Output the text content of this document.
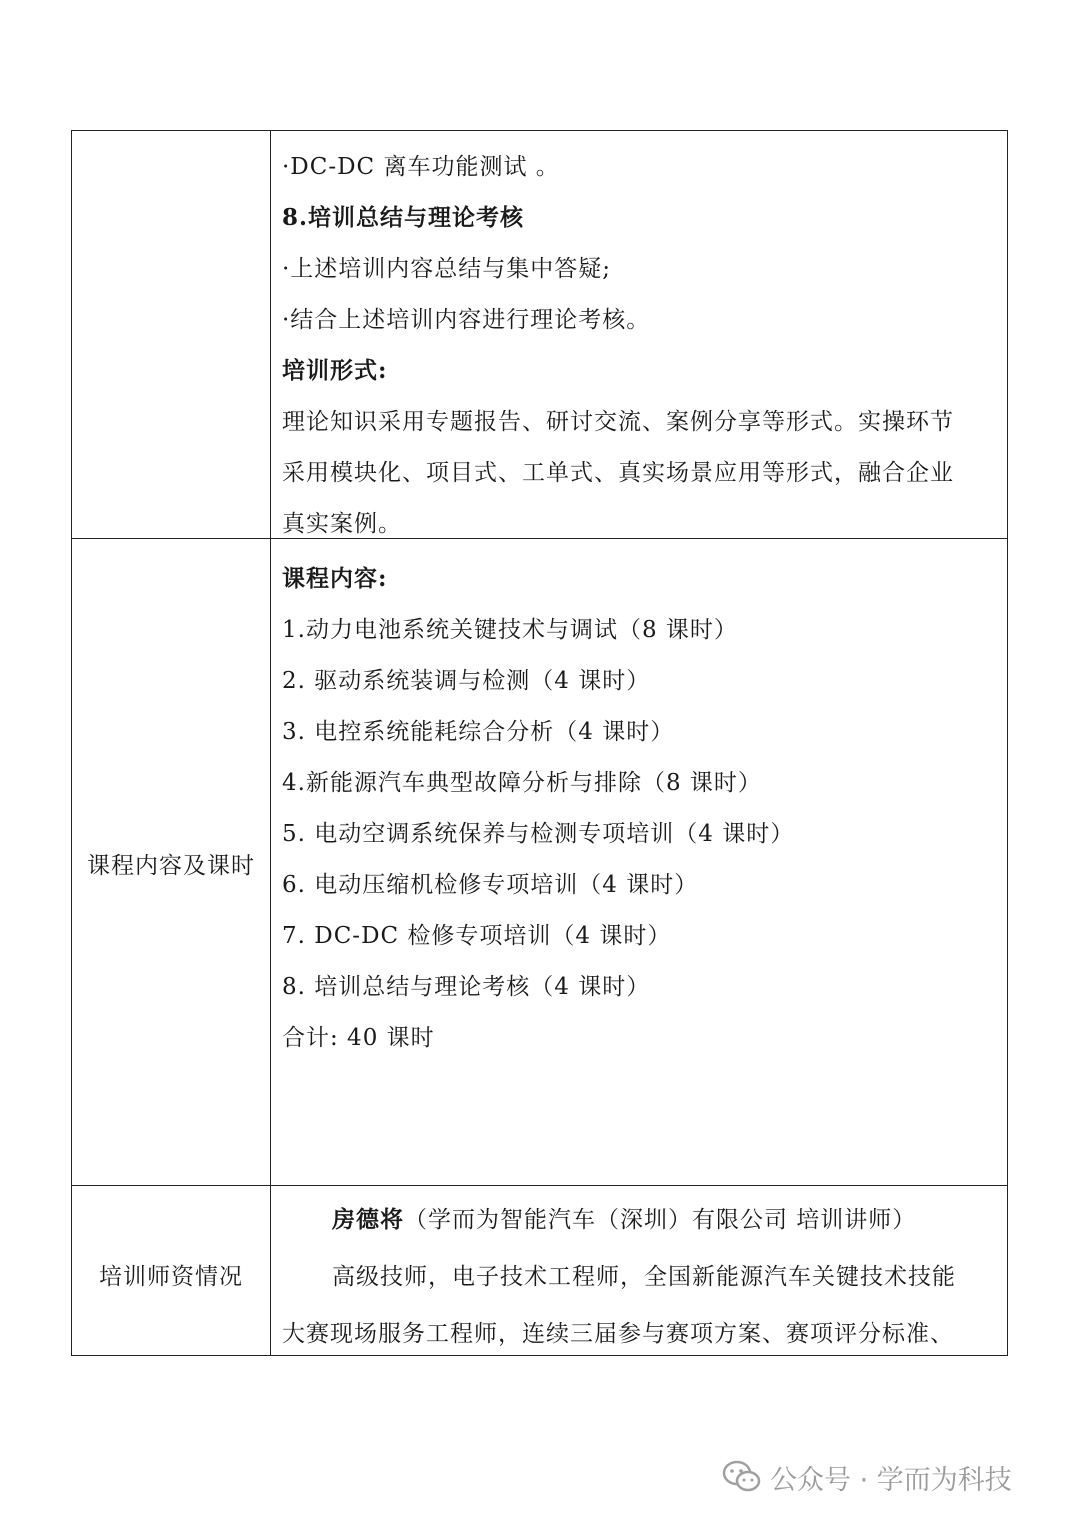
·DC-DC 离车功能测试 。
8.培训总结与理论考核
·上述培训内容总结与集中答疑;
·结合上述培训内容进行理论考核。
培训形式:
理论知识采用专题报告、研讨交流、案例分享等形式。实操环节
采用模块化、项目式、工单式、真实场景应用等形式，融合企业
真实案例。
课程内容及课时
课程内容:
1.动力电池系统关键技术与调试（8 课时）
2. 驱动系统装调与检测（4 课时）
3. 电控系统能耗综合分析（4 课时）
4.新能源汽车典型故障分析与排除（8 课时）
5. 电动空调系统保养与检测专项培训（4 课时）
6. 电动压缩机检修专项培训（4 课时）
7. DC-DC 检修专项培训（4 课时）
8. 培训总结与理论考核（4 课时）
合计: 40 课时
培训师资情况
房德将（学而为智能汽车（深圳）有限公司 培训讲师）
高级技师，电子技术工程师，全国新能源汽车关键技术技能
大赛现场服务工程师，连续三届参与赛项方案、赛项评分标准、
公众号 · 学而为科技
